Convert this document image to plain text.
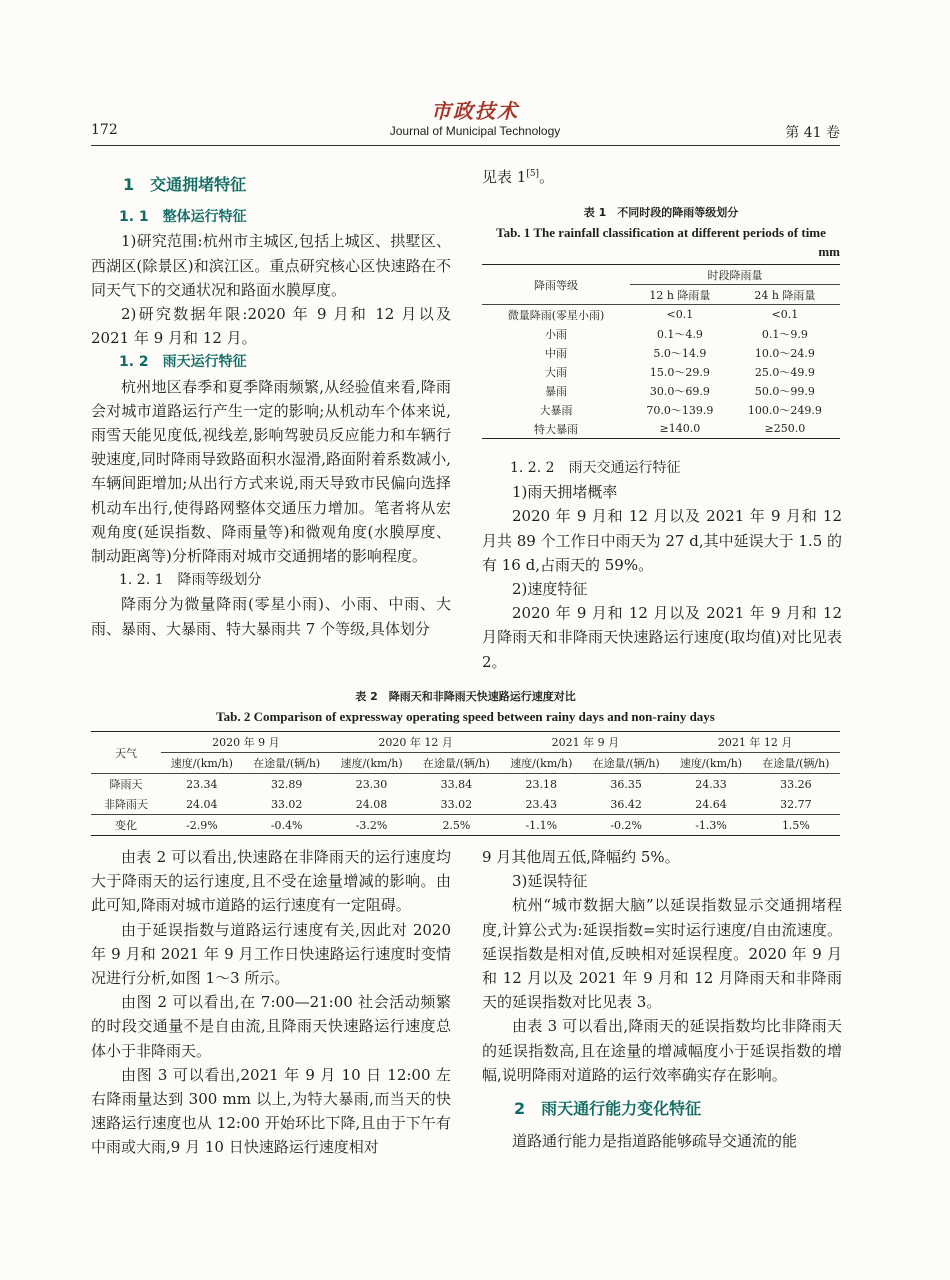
市政技术
172	Journal of Municipal Technology	第 41 卷

1　交通拥堵特征

1. 1　整体运行特征

1)研究范围:杭州市主城区,包括上城区、拱墅区、西湖区(除景区)和滨江区。重点研究核心区快速路在不同天气下的交通状况和路面水膜厚度。

2)研究数据年限:2020 年 9 月和 12 月以及 2021 年 9 月和 12 月。

1. 2　雨天运行特征

杭州地区春季和夏季降雨频繁,从经验值来看,降雨会对城市道路运行产生一定的影响;从机动车个体来说,雨雪天能见度低,视线差,影响驾驶员反应能力和车辆行驶速度,同时降雨导致路面积水湿滑,路面附着系数减小,车辆间距增加;从出行方式来说,雨天导致市民偏向选择机动车出行,使得路网整体交通压力增加。笔者将从宏观角度(延误指数、降雨量等)和微观角度(水膜厚度、制动距离等)分析降雨对城市交通拥堵的影响程度。

1. 2. 1　降雨等级划分

降雨分为微量降雨(零星小雨)、小雨、中雨、大雨、暴雨、大暴雨、特大暴雨共 7 个等级,具体划分

见表 1[5]。

表 1　不同时段的降雨等级划分
Tab. 1 The rainfall classification at different periods of time
mm
降雨等级	时段降雨量	
	12 h 降雨量	24 h 降雨量
微量降雨(零星小雨)	<0.1	<0.1
小雨	0.1～4.9	0.1～9.9
中雨	5.0～14.9	10.0～24.9
大雨	15.0～29.9	25.0～49.9
暴雨	30.0～69.9	50.0～99.9
大暴雨	70.0～139.9	100.0～249.9
特大暴雨	≥140.0	≥250.0

1. 2. 2　雨天交通运行特征

1)雨天拥堵概率

2020 年 9 月和 12 月以及 2021 年 9 月和 12 月共 89 个工作日中雨天为 27 d,其中延误大于 1.5 的有 16 d,占雨天的 59%。

2)速度特征

2020 年 9 月和 12 月以及 2021 年 9 月和 12 月降雨天和非降雨天快速路运行速度(取均值)对比见表 2。

表 2　降雨天和非降雨天快速路运行速度对比
Tab. 2 Comparison of expressway operating speed between rainy days and non-rainy days
天气	2020 年 9 月		2020 年 12 月		2021 年 9 月		2021 年 12 月	
	速度/(km/h)	在途量/(辆/h)	速度/(km/h)	在途量/(辆/h)	速度/(km/h)	在途量/(辆/h)	速度/(km/h)	在途量/(辆/h)
降雨天	23.34	32.89	23.30	33.84	23.18	36.35	24.33	33.26
非降雨天	24.04	33.02	24.08	33.02	23.43	36.42	24.64	32.77
变化	-2.9%	-0.4%	-3.2%	2.5%	-1.1%	-0.2%	-1.3%	1.5%

由表 2 可以看出,快速路在非降雨天的运行速度均大于降雨天的运行速度,且不受在途量增减的影响。由此可知,降雨对城市道路的运行速度有一定阻碍。

由于延误指数与道路运行速度有关,因此对 2020 年 9 月和 2021 年 9 月工作日快速路运行速度时变情况进行分析,如图 1～3 所示。

由图 2 可以看出,在 7:00—21:00 社会活动频繁的时段交通量不是自由流,且降雨天快速路运行速度总体小于非降雨天。

由图 3 可以看出,2021 年 9 月 10 日 12:00 左右降雨量达到 300 mm 以上,为特大暴雨,而当天的快速路运行速度也从 12:00 开始环比下降,且由于下午有中雨或大雨,9 月 10 日快速路运行速度相对

9 月其他周五低,降幅约 5%。

3)延误特征

杭州“城市数据大脑”以延误指数显示交通拥堵程度,计算公式为:延误指数=实时运行速度/自由流速度。延误指数是相对值,反映相对延误程度。2020 年 9 月和 12 月以及 2021 年 9 月和 12 月降雨天和非降雨天的延误指数对比见表 3。

由表 3 可以看出,降雨天的延误指数均比非降雨天的延误指数高,且在途量的增减幅度小于延误指数的增幅,说明降雨对道路的运行效率确实存在影响。

2　雨天通行能力变化特征

道路通行能力是指道路能够疏导交通流的能
